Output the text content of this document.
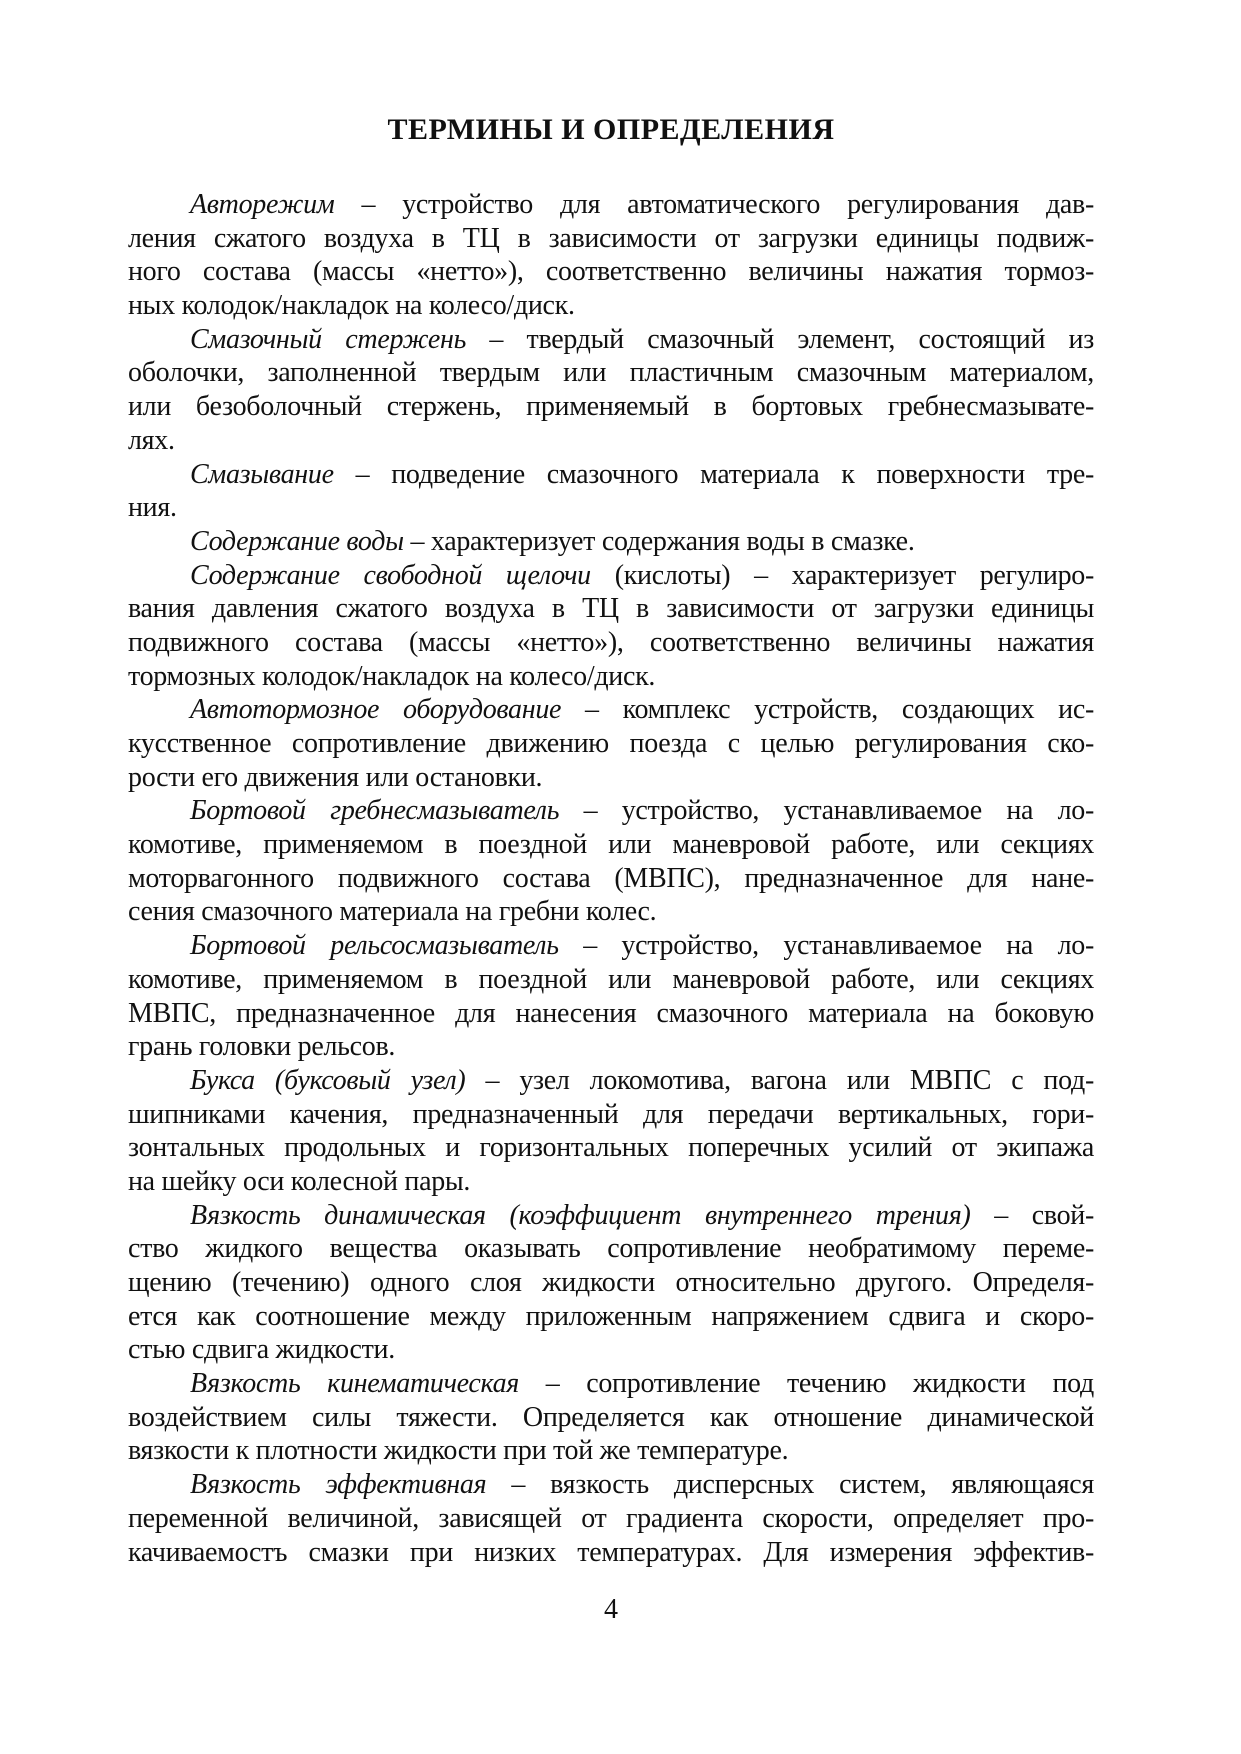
ТЕРМИНЫ И ОПРЕДЕЛЕНИЯ
Авторежим – устройство для автоматического регулирования дав-
ления сжатого воздуха в ТЦ в зависимости от загрузки единицы подвиж-
ного состава (массы «нетто»), соответственно величины нажатия тормоз-
ных колодок/накладок на колесо/диск.
Смазочный стержень – твердый смазочный элемент, состоящий из
оболочки, заполненной твердым или пластичным смазочным материалом,
или безоболочный стержень, применяемый в бортовых гребнесмазывате-
лях.
Смазывание – подведение смазочного материала к поверхности тре-
ния.
Содержание воды – характеризует содержания воды в смазке.
Содержание свободной щелочи (кислоты) – характеризует регулиро-
вания давления сжатого воздуха в ТЦ в зависимости от загрузки единицы
подвижного состава (массы «нетто»), соответственно величины нажатия
тормозных колодок/накладок на колесо/диск.
Автотормозное оборудование – комплекс устройств, создающих ис-
кусственное сопротивление движению поезда с целью регулирования ско-
рости его движения или остановки.
Бортовой гребнесмазыватель – устройство, устанавливаемое на ло-
комотиве, применяемом в поездной или маневровой работе, или секциях
моторвагонного подвижного состава (МВПС), предназначенное для нане-
сения смазочного материала на гребни колес.
Бортовой рельсосмазыватель – устройство, устанавливаемое на ло-
комотиве, применяемом в поездной или маневровой работе, или секциях
МВПС, предназначенное для нанесения смазочного материала на боковую
грань головки рельсов.
Букса (буксовый узел) – узел локомотива, вагона или МВПС с под-
шипниками качения, предназначенный для передачи вертикальных, гори-
зонтальных продольных и горизонтальных поперечных усилий от экипажа
на шейку оси колесной пары.
Вязкость динамическая (коэффициент внутреннего трения) – свой-
ство жидкого вещества оказывать сопротивление необратимому переме-
щению (течению) одного слоя жидкости относительно другого. Определя-
ется как соотношение между приложенным напряжением сдвига и скоро-
стью сдвига жидкости.
Вязкость кинематическая – сопротивление течению жидкости под
воздействием силы тяжести. Определяется как отношение динамической
вязкости к плотности жидкости при той же температуре.
Вязкость эффективная – вязкость дисперсных систем, являющаяся
переменной величиной, зависящей от градиента скорости, определяет про-
качиваемостъ смазки при низких температурах. Для измерения эффектив-
4
